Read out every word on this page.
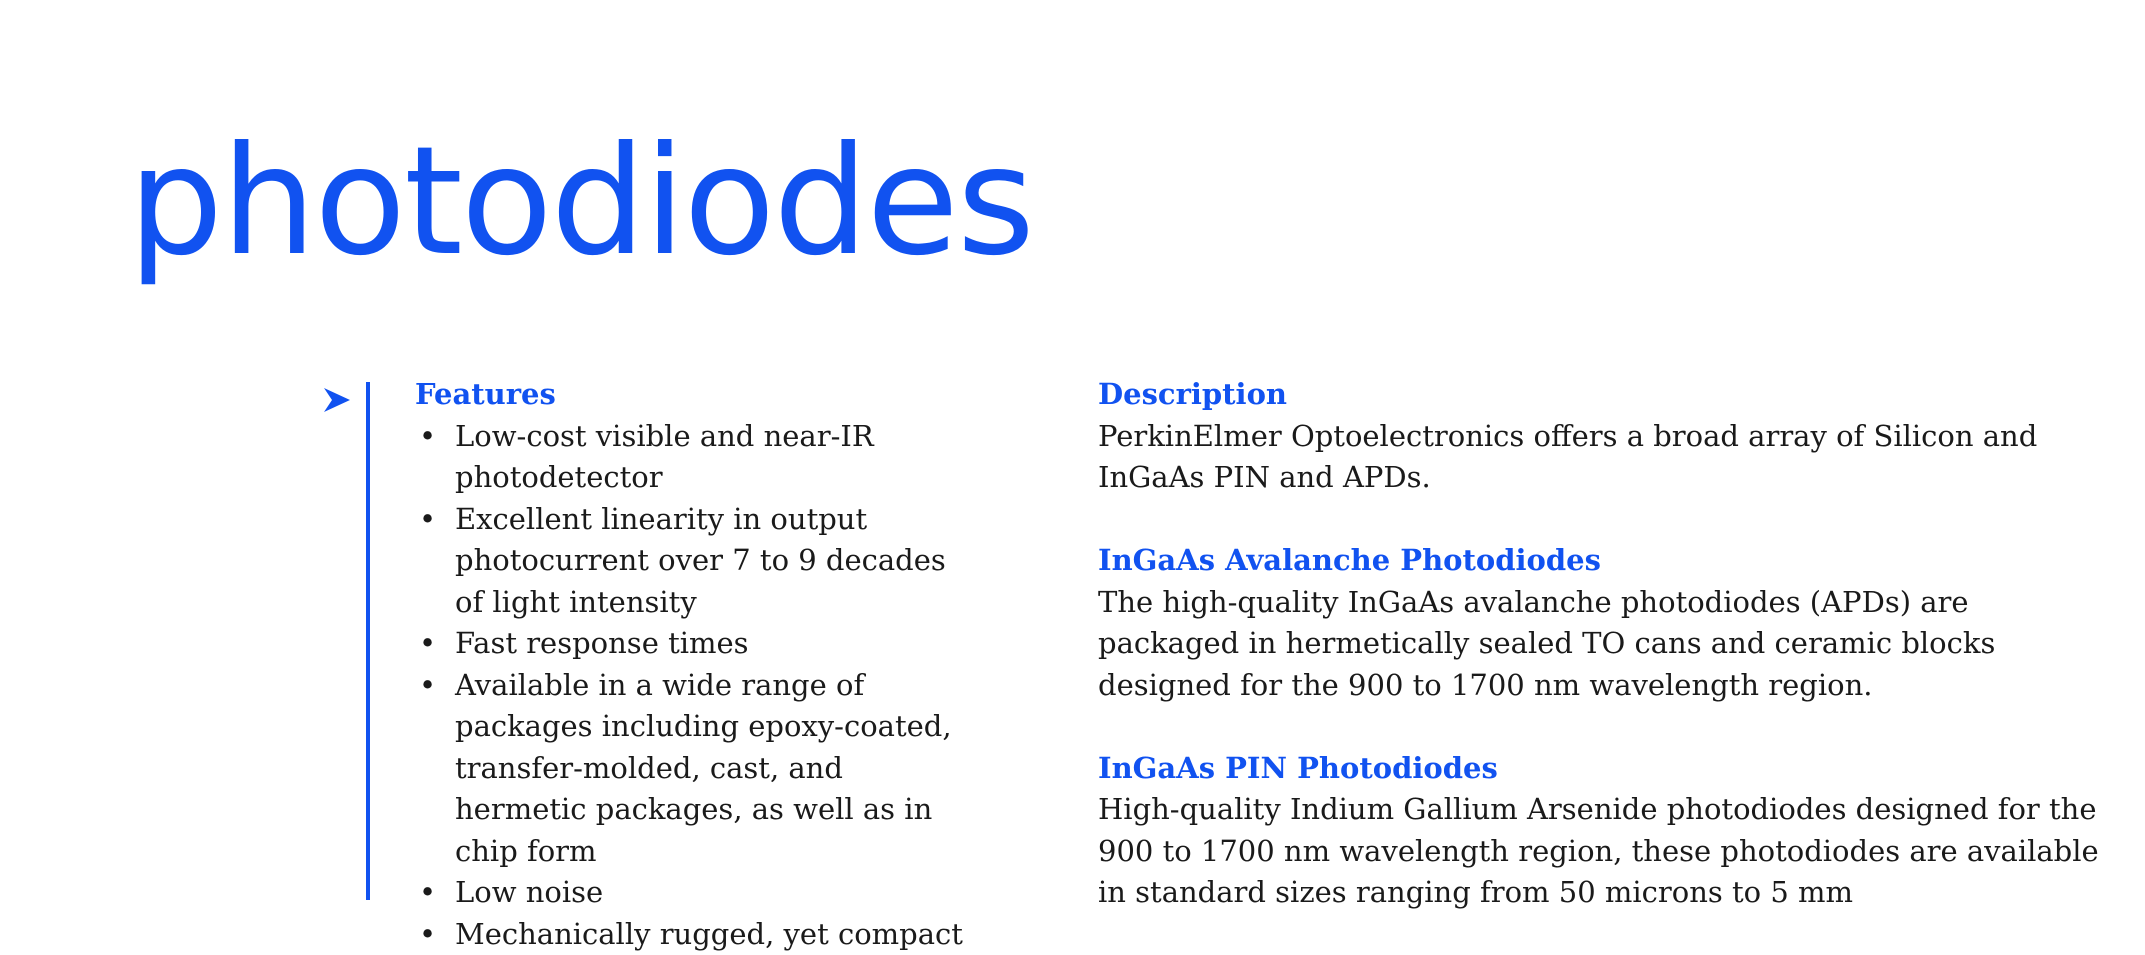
photodiodes
Features
• Low-cost visible and near-IR photodetector
• Excellent linearity in output photocurrent over 7 to 9 decades of light intensity
• Fast response times
• Available in a wide range of packages including epoxy-coated, transfer-molded, cast, and hermetic packages, as well as in chip form
• Low noise
• Mechanically rugged, yet compact
Description

PerkinElmer Optoelectronics offers a broad array of Silicon and InGaAs PIN and APDs.

InGaAs Avalanche Photodiodes

The high-quality InGaAs avalanche photodiodes (APDs) are packaged in hermetically sealed TO cans and ceramic blocks designed for the 900 to 1700 nm wavelength region.

InGaAs PIN Photodiodes

High-quality Indium Gallium Arsenide photodiodes designed for the 900 to 1700 nm wavelength region, these photodiodes are available in standard sizes ranging from 50 microns to 5 mm
